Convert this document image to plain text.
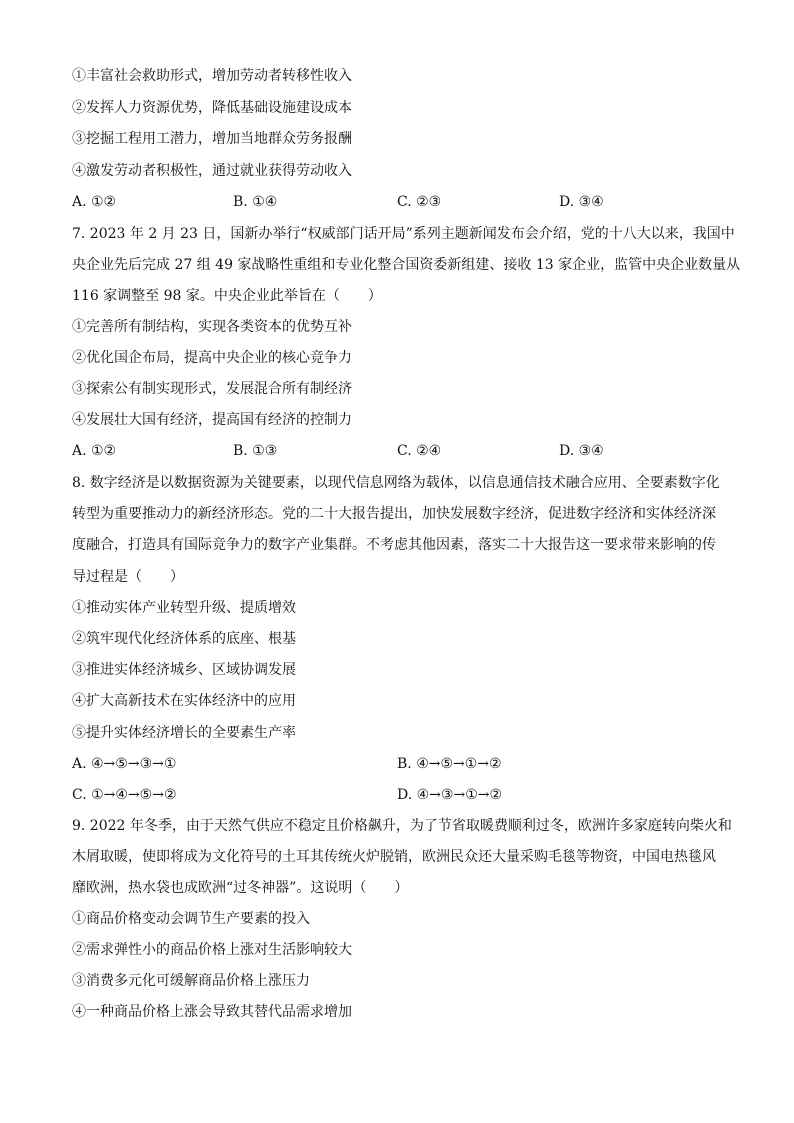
①丰富社会救助形式，增加劳动者转移性收入
②发挥人力资源优势，降低基础设施建设成本
③挖掘工程用工潜力，增加当地群众劳务报酬
④激发劳动者积极性，通过就业获得劳动收入
A. ①②	B. ①④	C. ②③	D. ③④
7. 2023 年 2 月 23 日，国新办举行“权威部门话开局”系列主题新闻发布会介绍，党的十八大以来，我国中
央企业先后完成 27 组 49 家战略性重组和专业化整合国资委新组建、接收 13 家企业，监管中央企业数量从
116 家调整至 98 家。中央企业此举旨在（　　）
①完善所有制结构，实现各类资本的优势互补
②优化国企布局，提高中央企业的核心竞争力
③探索公有制实现形式，发展混合所有制经济
④发展壮大国有经济，提高国有经济的控制力
A. ①②	B. ①③	C. ②④	D. ③④
8. 数字经济是以数据资源为关键要素，以现代信息网络为载体，以信息通信技术融合应用、全要素数字化
转型为重要推动力的新经济形态。党的二十大报告提出，加快发展数字经济，促进数字经济和实体经济深
度融合，打造具有国际竞争力的数字产业集群。不考虑其他因素，落实二十大报告这一要求带来影响的传
导过程是（　　）
①推动实体产业转型升级、提质增效
②筑牢现代化经济体系的底座、根基
③推进实体经济城乡、区域协调发展
④扩大高新技术在实体经济中的应用
⑤提升实体经济增长的全要素生产率
A. ④→⑤→③→①	B. ④→⑤→①→②
C. ①→④→⑤→②	D. ④→③→①→②
9. 2022 年冬季，由于天然气供应不稳定且价格飙升，为了节省取暖费顺利过冬，欧洲许多家庭转向柴火和
木屑取暖，使即将成为文化符号的土耳其传统火炉脱销，欧洲民众还大量采购毛毯等物资，中国电热毯风
靡欧洲，热水袋也成欧洲“过冬神器”。这说明（　　）
①商品价格变动会调节生产要素的投入
②需求弹性小的商品价格上涨对生活影响较大
③消费多元化可缓解商品价格上涨压力
④一种商品价格上涨会导致其替代品需求增加
